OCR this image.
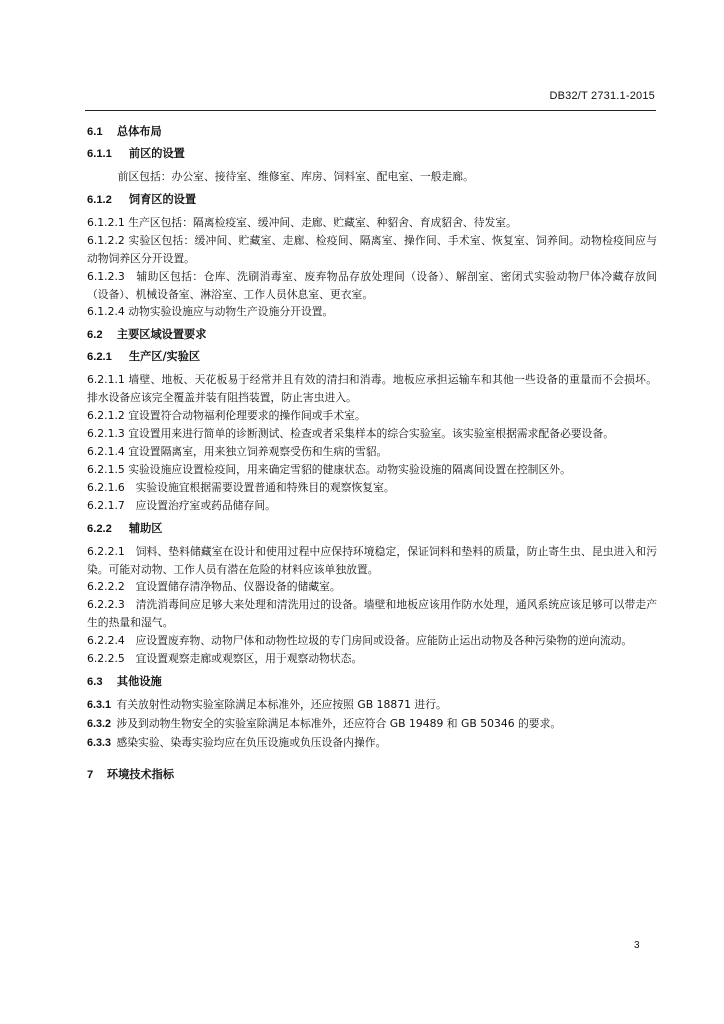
DB32/T 2731.1-2015

6.1 总体布局

6.1.1 前区的设置

前区包括：办公室、接待室、维修室、库房、饲料室、配电室、一般走廊。

6.1.2 饲育区的设置

6.1.2.1 生产区包括：隔离检疫室、缓冲间、走廊、贮藏室、种貂舍、育成貂舍、待发室。

6.1.2.2 实验区包括：缓冲间、贮藏室、走廊、检疫间、隔离室、操作间、手术室、恢复室、饲养间。动物检疫间应与动物饲养区分开设置。

6.1.2.3　辅助区包括：仓库、洗刷消毒室、废弃物品存放处理间（设备）、解剖室、密闭式实验动物尸体冷藏存放间（设备）、机械设备室、淋浴室、工作人员休息室、更衣室。

6.1.2.4 动物实验设施应与动物生产设施分开设置。

6.2 主要区域设置要求

6.2.1 生产区/实验区

6.2.1.1 墙壁、地板、天花板易于经常并且有效的清扫和消毒。地板应承担运输车和其他一些设备的重量而不会损坏。排水设备应该完全覆盖并装有阻挡装置，防止害虫进入。

6.2.1.2 宜设置符合动物福利伦理要求的操作间或手术室。

6.2.1.3 宜设置用来进行简单的诊断测试、检查或者采集样本的综合实验室。该实验室根据需求配备必要设备。

6.2.1.4 宜设置隔离室，用来独立饲养观察受伤和生病的雪貂。

6.2.1.5 实验设施应设置检疫间，用来确定雪貂的健康状态。动物实验设施的隔离间设置在控制区外。

6.2.1.6　实验设施宜根据需要设置普通和特殊目的观察恢复室。

6.2.1.7　应设置治疗室或药品储存间。

6.2.2 辅助区

6.2.2.1　饲料、垫料储藏室在设计和使用过程中应保持环境稳定，保证饲料和垫料的质量，防止寄生虫、昆虫进入和污染。可能对动物、工作人员有潜在危险的材料应该单独放置。

6.2.2.2　宜设置储存清净物品、仪器设备的储藏室。

6.2.2.3　清洗消毒间应足够大来处理和清洗用过的设备。墙壁和地板应该用作防水处理，通风系统应该足够可以带走产生的热量和湿气。

6.2.2.4　应设置废弃物、动物尸体和动物性垃圾的专门房间或设备。应能防止运出动物及各种污染物的逆向流动。

6.2.2.5　宜设置观察走廊或观察区，用于观察动物状态。

6.3 其他设施

6.3.1 有关放射性动物实验室除满足本标准外，还应按照 GB 18871 进行。

6.3.2 涉及到动物生物安全的实验室除满足本标准外，还应符合 GB 19489 和 GB 50346 的要求。

6.3.3 感染实验、染毒实验均应在负压设施或负压设备内操作。

7 环境技术指标

3
